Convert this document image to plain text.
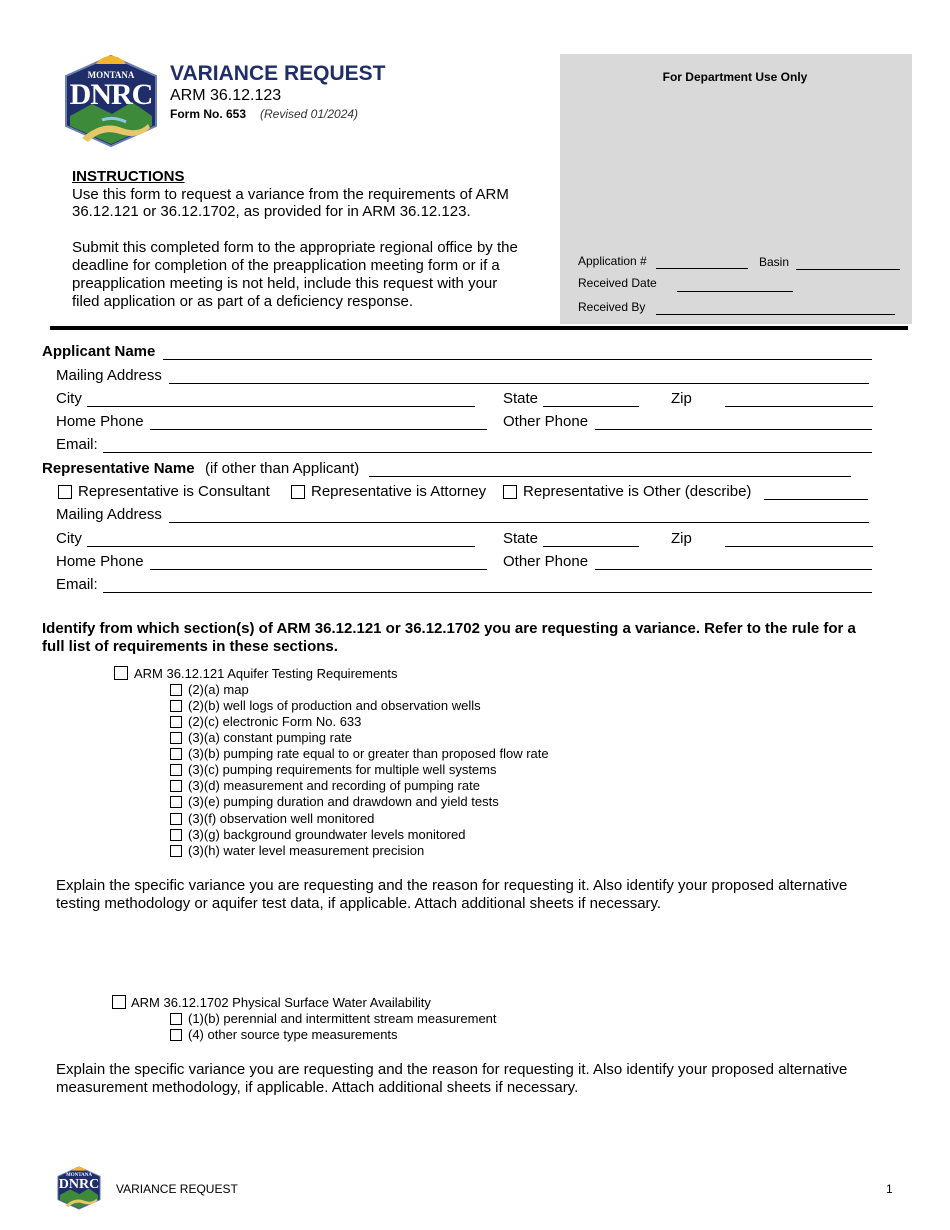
MONTANA
DNRC
VARIANCE REQUEST
ARM 36.12.123
Form No. 653 (Revised 01/2024)
For Department Use Only
Application #	Basin
Received Date
Received By
INSTRUCTIONS
Use this form to request a variance from the requirements of ARM
36.12.121 or 36.12.1702, as provided for in ARM 36.12.123.
Submit this completed form to the appropriate regional office by the
deadline for completion of the preapplication meeting form or if a
preapplication meeting is not held, include this request with your
filed application or as part of a deficiency response.
Applicant Name
Mailing Address
City	State	Zip
Home Phone	Other Phone
Email:
Representative Name (if other than Applicant)
Representative is Consultant	Representative is Attorney Representative is Other (describe)
Mailing Address
City	State	Zip
Home Phone	Other Phone
Email:
Identify from which section(s) of ARM 36.12.121 or 36.12.1702 you are requesting a variance. Refer to the rule for a
full list of requirements in these sections.
ARM 36.12.121 Aquifer Testing Requirements
(2)(a) map
(2)(b) well logs of production and observation wells
(2)(c) electronic Form No. 633
(3)(a) constant pumping rate
(3)(b) pumping rate equal to or greater than proposed flow rate
(3)(c) pumping requirements for multiple well systems
(3)(d) measurement and recording of pumping rate
(3)(e) pumping duration and drawdown and yield tests
(3)(f) observation well monitored
(3)(g) background groundwater levels monitored
(3)(h) water level measurement precision
Explain the specific variance you are requesting and the reason for requesting it. Also identify your proposed alternative
testing methodology or aquifer test data, if applicable. Attach additional sheets if necessary.
ARM 36.12.1702 Physical Surface Water Availability
(1)(b) perennial and intermittent stream measurement
(4) other source type measurements
Explain the specific variance you are requesting and the reason for requesting it. Also identify your proposed alternative
measurement methodology, if applicable. Attach additional sheets if necessary.
MONTANA
DNRC VARIANCE REQUEST	1
